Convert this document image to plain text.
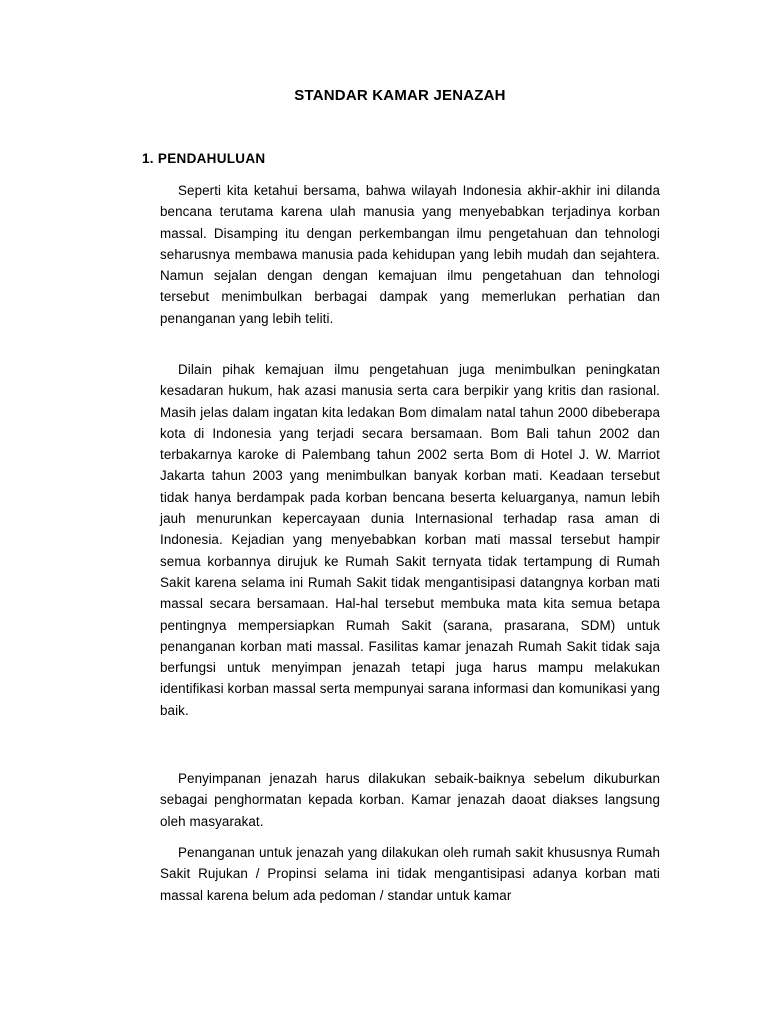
STANDAR KAMAR JENAZAH
1. PENDAHULUAN

Seperti kita ketahui bersama, bahwa wilayah Indonesia akhir-akhir ini dilanda bencana terutama karena ulah manusia yang menyebabkan terjadinya korban massal. Disamping itu dengan perkembangan ilmu pengetahuan dan tehnologi seharusnya membawa manusia pada kehidupan yang lebih mudah dan sejahtera. Namun sejalan dengan dengan kemajuan ilmu pengetahuan dan tehnologi tersebut menimbulkan berbagai dampak yang memerlukan perhatian dan penanganan yang lebih teliti.

Dilain pihak kemajuan ilmu pengetahuan juga menimbulkan peningkatan kesadaran hukum, hak azasi manusia serta cara berpikir yang kritis dan rasional. Masih jelas dalam ingatan kita ledakan Bom dimalam natal tahun 2000 dibeberapa kota di Indonesia yang terjadi secara bersamaan. Bom Bali tahun 2002 dan terbakarnya karoke di Palembang tahun 2002 serta Bom di Hotel J. W. Marriot Jakarta tahun 2003 yang menimbulkan banyak korban mati. Keadaan tersebut tidak hanya berdampak pada korban bencana beserta keluarganya, namun lebih jauh menurunkan kepercayaan dunia Internasional terhadap rasa aman di Indonesia. Kejadian yang menyebabkan korban mati massal tersebut hampir semua korbannya dirujuk ke Rumah Sakit ternyata tidak tertampung di Rumah Sakit karena selama ini Rumah Sakit tidak mengantisipasi datangnya korban mati massal secara bersamaan. Hal-hal tersebut membuka mata kita semua betapa pentingnya mempersiapkan Rumah Sakit (sarana, prasarana, SDM) untuk penanganan korban mati massal. Fasilitas kamar jenazah Rumah Sakit tidak saja berfungsi untuk menyimpan jenazah tetapi juga harus mampu melakukan identifikasi korban massal serta mempunyai sarana informasi dan komunikasi yang baik.

Penyimpanan jenazah harus dilakukan sebaik-baiknya sebelum dikuburkan sebagai penghormatan kepada korban. Kamar jenazah daoat diakses langsung oleh masyarakat.

Penanganan untuk jenazah yang dilakukan oleh rumah sakit khususnya Rumah Sakit Rujukan / Propinsi selama ini tidak mengantisipasi adanya korban mati massal karena belum ada pedoman / standar untuk kamar
